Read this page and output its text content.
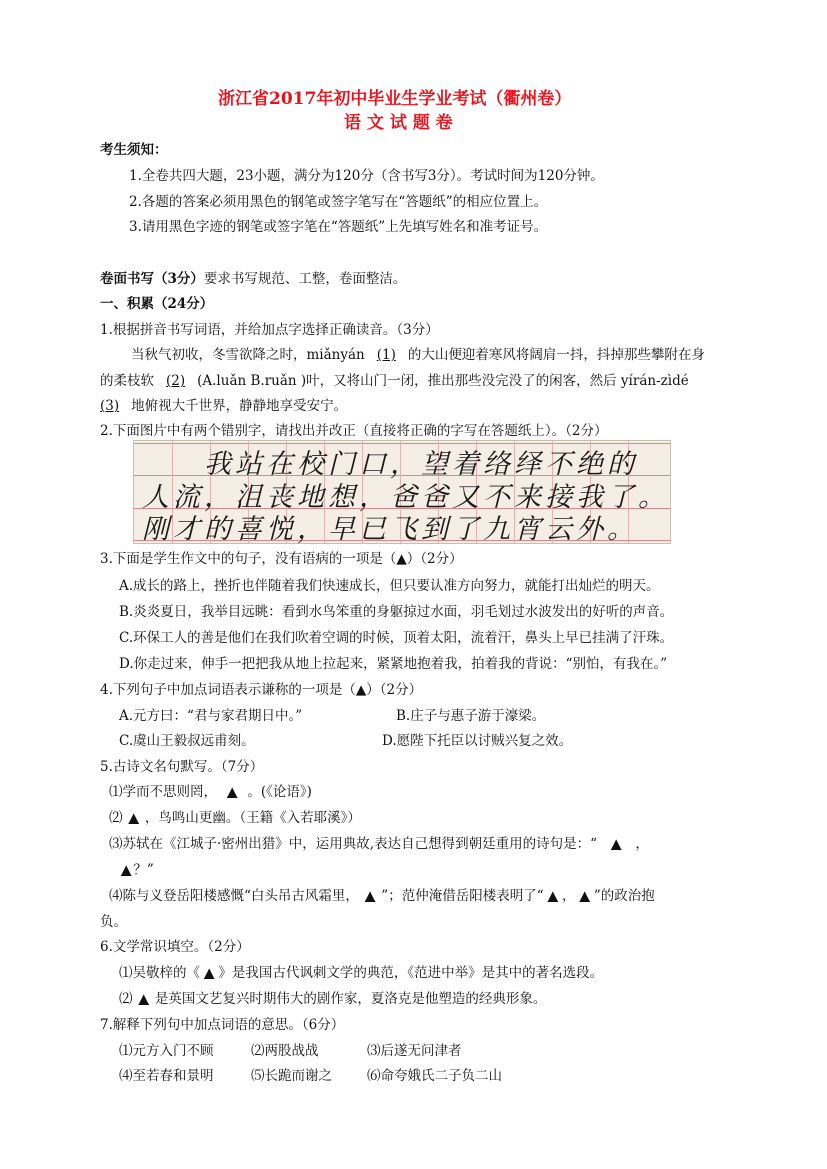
浙江省2017年初中毕业生学业考试（衢州卷）
语 文 试 题 卷
考生须知：
1.全卷共四大题，23小题，满分为120分（含书写3分）。考试时间为120分钟。
2.各题的答案必须用黑色的钢笔或签字笔写在“答题纸”的相应位置上。
3.请用黑色字迹的钢笔或签字笔在“答题纸”上先填写姓名和准考证号。
卷面书写（3分）要求书写规范、工整，卷面整洁。
一、积累（24分）
1.根据拼音书写词语，并给加点字选择正确读音。（3分）
当秋气初收，冬雪欲降之时，miǎnyán (1) 的大山便迎着寒风将阔肩一抖，抖掉那些攀附在身
的柔枝软 (2) (A.luǎn B.ruǎn )叶，又将山门一闭，推出那些没完没了的闲客，然后 yírán-zìdé
(3) 地俯视大千世界，静静地享受安宁。
2.下面图片中有两个错别字，请找出并改正（直接将正确的字写在答题纸上）。（2分）
我站在校门口，望着络绎不绝的
人流，沮丧地想，爸爸又不来接我了。
刚才的喜悦，早已飞到了九宵云外。
3.下面是学生作文中的句子，没有语病的一项是（▲）（2分）
A.成长的路上，挫折也伴随着我们快速成长，但只要认准方向努力，就能打出灿烂的明天。
B.炎炎夏日，我举目远眺：看到水鸟笨重的身躯掠过水面，羽毛划过水波发出的好听的声音。
C.环保工人的善是他们在我们吹着空调的时候，顶着太阳，流着汗，鼻头上早已挂满了汗珠。
D.你走过来，伸手一把把我从地上拉起来，紧紧地抱着我，拍着我的背说：“别怕，有我在。”
4.下列句子中加点词语表示谦称的一项是（▲）（2分）
A.元方曰：“君与家君期日中。”	B.庄子与惠子游于濠梁。
C.虞山王毅叔远甫刻。	D.愿陛下托臣以讨贼兴复之效。
5.古诗文名句默写。（7分）
⑴学而不思则罔， ▲ 。(《论语》)
⑵ ▲ ，鸟鸣山更幽。（王籍《入若耶溪》）
⑶苏轼在《江城子·密州出猎》中，运用典故,表达自己想得到朝廷重用的诗句是：“ ▲ ，
▲ ？”
⑷陈与义登岳阳楼感慨“白头吊古风霜里， ▲ ”；范仲淹借岳阳楼表明了“ ▲ ， ▲ ”的政治抱
负。
6.文学常识填空。（2分）
⑴吴敬梓的《 ▲ 》是我国古代讽刺文学的典范，《范进中举》是其中的著名选段。
⑵ ▲ 是英国文艺复兴时期伟大的剧作家，夏洛克是他塑造的经典形象。
7.解释下列句中加点词语的意思。（6分）
⑴元方入门不顾	⑵两股战战	⑶后遂无问津者
⑷至若春和景明	⑸长跪而谢之	⑹命夸娥氏二子负二山
